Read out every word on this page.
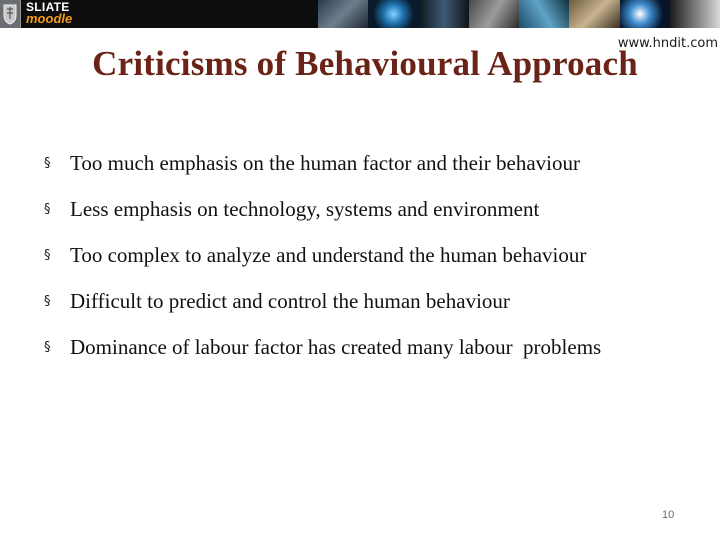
SLIATE
moodle
www.hndit.com
Criticisms of Behavioural Approach
§ Too much emphasis on the human factor and their behaviour
§ Less emphasis on technology, systems and environment
§ Too complex to analyze and understand the human behaviour
§ Difficult to predict and control the human behaviour
§ Dominance of labour factor has created many labour  problems
10
